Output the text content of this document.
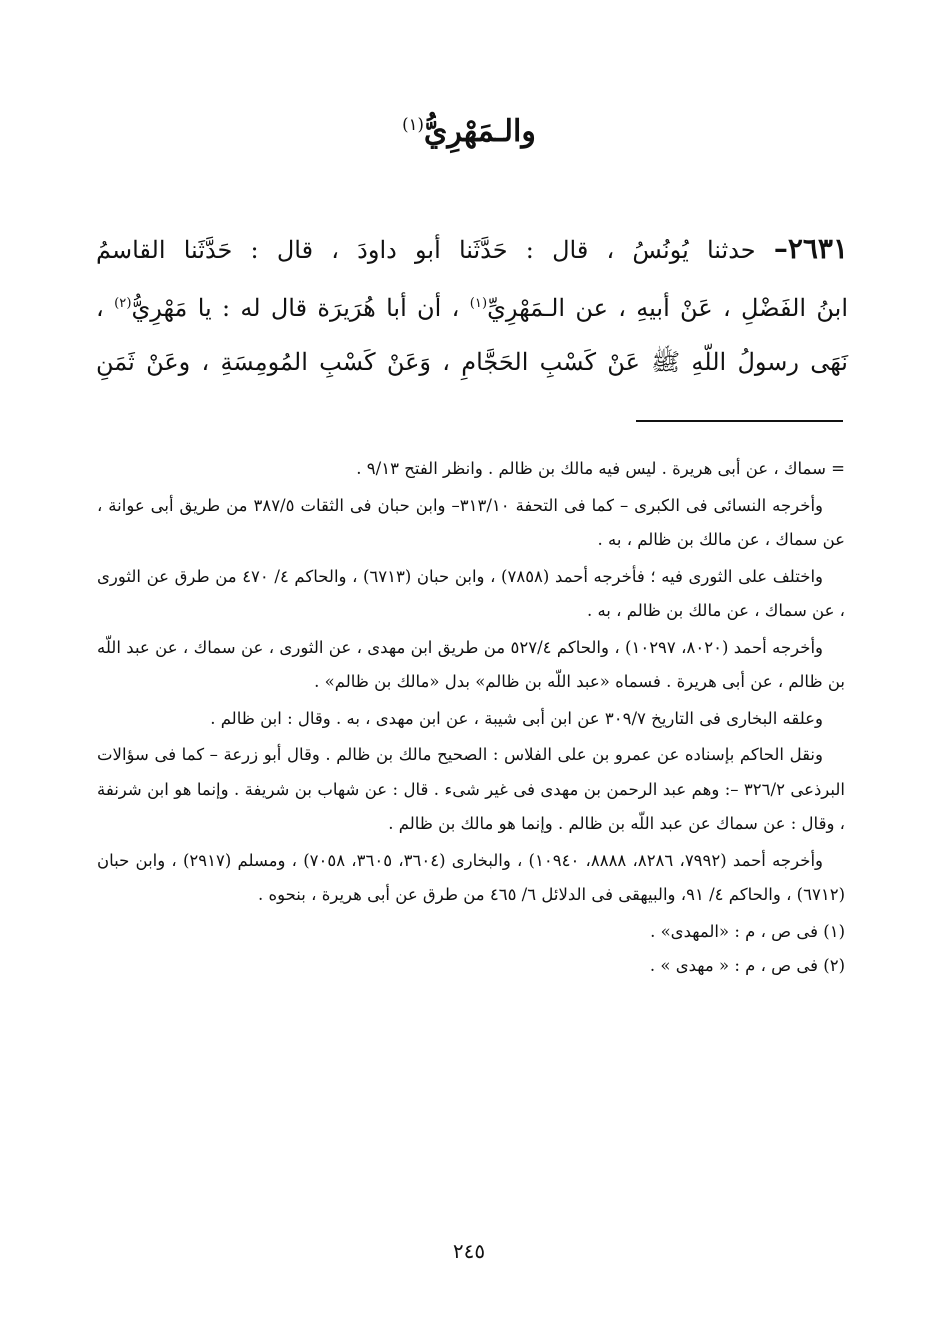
والـمَهْرِيُّ$^{(١)}$
٢٦٣١– حدثنا يُونُسُ ، قال : حَدَّثَنا أبو داودَ ، قال : حَدَّثَنا القاسمُ
ابنُ الفَضْلِ ، عَنْ أبيهِ ، عن الـمَهْرِيِّ$^{(١)}$ ، أن أبا هُرَيرَة قال له : يا مَهْرِيُّ$^{(٢)}$ ،
نَهَى رسولُ اللّهِ ﷺ عَنْ كَسْبِ الحَجَّامِ ، وَعَنْ كَسْبِ المُومِسَةِ ، وعَنْ ثَمَنِ

= سماك ، عن أبى هريرة . ليس فيه مالك بن ظالم . وانظر الفتح ٩/١٣ .

وأخرجه النسائى فى الكبرى – كما فى التحفة ٣١٣/١٠– وابن حبان فى الثقات ٣٨٧/٥ من طريق أبى عوانة ، عن سماك ، عن مالك بن ظالم ، به .

واختلف على الثورى فيه ؛ فأخرجه أحمد (٧٨٥٨) ، وابن حبان (٦٧١٣) ، والحاكم ٤/ ٤٧٠ من طرق عن الثورى ، عن سماك ، عن مالك بن ظالم ، به .

وأخرجه أحمد (٨٠٢٠، ١٠٢٩٧) ، والحاكم ٥٢٧/٤ من طريق ابن مهدى ، عن الثورى ، عن سماك ، عن عبد اللّه بن ظالم ، عن أبى هريرة . فسماه «عبد اللّه بن ظالم» بدل «مالك بن ظالم» .

وعلقه البخارى فى التاريخ ٣٠٩/٧ عن ابن أبى شيبة ، عن ابن مهدى ، به . وقال : ابن ظالم .

ونقل الحاكم بإسناده عن عمرو بن على الفلاس : الصحيح مالك بن ظالم . وقال أبو زرعة – كما فى سؤالات البرذعى ٣٢٦/٢ –: وهم عبد الرحمن بن مهدى فى غير شىء . قال : عن شهاب بن شريفة . وإنما هو ابن شرنفة ، وقال : عن سماك عن عبد اللّه بن ظالم . وإنما هو مالك بن ظالم .

وأخرجه أحمد (٧٩٩٢، ٨٢٨٦، ٨٨٨٨، ١٠٩٤٠) ، والبخارى (٣٦٠٤، ٣٦٠٥، ٧٠٥٨) ، ومسلم (٢٩١٧) ، وابن حبان (٦٧١٢) ، والحاكم ٤/ ٩١، والبيهقى فى الدلائل ٦/ ٤٦٥ من طرق عن أبى هريرة ، بنحوه .

(١) فى ص ، م : «المهدى» .

(٢) فى ص ، م : « مهدى » .

٢٤٥
